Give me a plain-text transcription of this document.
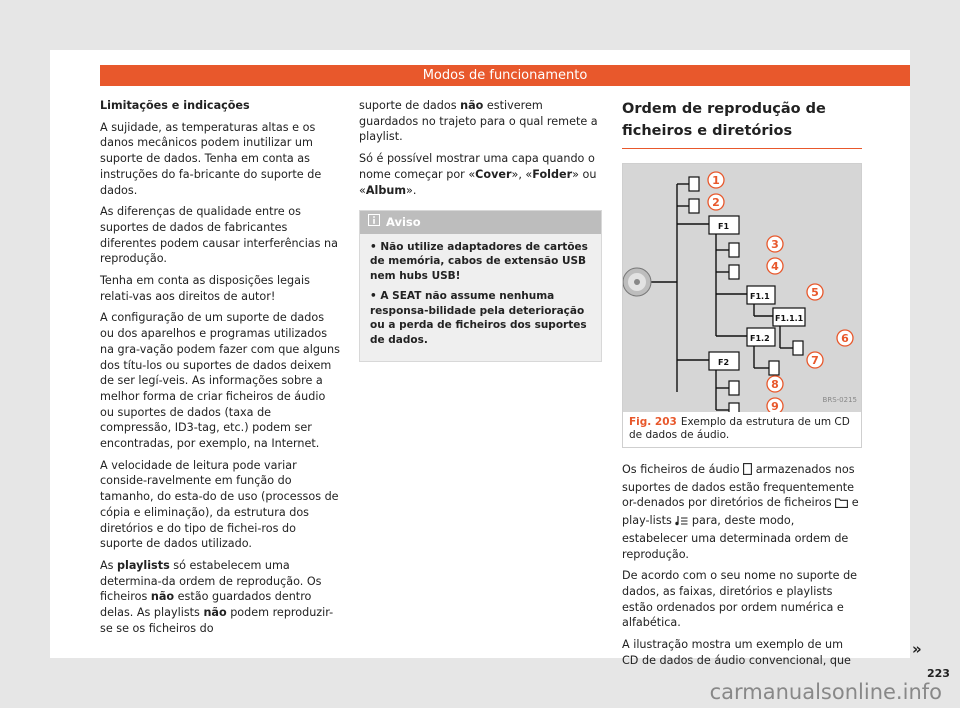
Modos de funcionamento

Limitações e indicações

A sujidade, as temperaturas altas e os danos mecânicos podem inutilizar um suporte de dados. Tenha em conta as instruções do fa-bricante do suporte de dados.

As diferenças de qualidade entre os suportes de dados de fabricantes diferentes podem causar interferências na reprodução.

Tenha em conta as disposições legais relati-vas aos direitos de autor!

A configuração de um suporte de dados ou dos aparelhos e programas utilizados na gra-vação podem fazer com que alguns dos títu-los ou suportes de dados deixem de ser legí-veis. As informações sobre a melhor forma de criar ficheiros de áudio ou suportes de dados (taxa de compressão, ID3-tag, etc.) podem ser encontradas, por exemplo, na Internet.

A velocidade de leitura pode variar conside-ravelmente em função do tamanho, do esta-do de uso (processos de cópia e eliminação), da estrutura dos diretórios e do tipo de fichei-ros do suporte de dados utilizado.

As playlists só estabelecem uma determina-da ordem de reprodução. Os ficheiros não estão guardados dentro delas. As playlists não podem reproduzir-se se os ficheiros do

suporte de dados não estiverem guardados no trajeto para o qual remete a playlist.

Só é possível mostrar uma capa quando o nome começar por «Cover», «Folder» ou «Album».

Aviso

• Não utilize adaptadores de cartões de memória, cabos de extensão USB nem hubs USB!

• A SEAT não assume nenhuma responsa-bilidade pela deterioração ou a perda de ficheiros dos suportes de dados.

Ordem de reprodução de ficheiros e diretórios
F1
F1.1
F1.1.1
F1.2
F2
1
2
3
4
5
6
7
8
9	BRS-0215
Fig. 203 Exemplo da estrutura de um CD de dados de áudio.

Os ficheiros de áudio  armazenados nos suportes de dados estão frequentemente or-denados por diretórios de ficheiros  e play-lists  para, deste modo, estabelecer uma determinada ordem de reprodução.

De acordo com o seu nome no suporte de dados, as faixas, diretórios e playlists estão ordenados por ordem numérica e alfabética.

A ilustração mostra um exemplo de um CD de dados de áudio convencional, que

»
223
carmanualsonline.info
